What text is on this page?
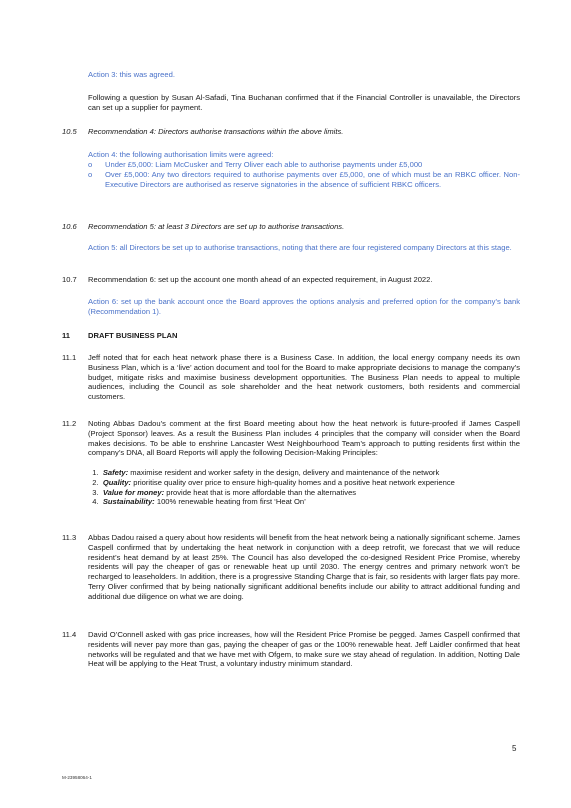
Action 3: this was agreed.

Following a question by Susan Al-Safadi, Tina Buchanan confirmed that if the Financial Controller is unavailable, the Directors can set up a supplier for payment.

10.5 Recommendation 4: Directors authorise transactions within the above limits.

Action 4: the following authorisation limits were agreed:

o Under £5,000: Liam McCusker and Terry Oliver each able to authorise payments under £5,000
o Over £5,000: Any two directors required to authorise payments over £5,000, one of which must be an RBKC officer. Non-Executive Directors are authorised as reserve signatories in the absence of sufficient RBKC officers.
10.6 Recommendation 5: at least 3 Directors are set up to authorise transactions.

Action 5: all Directors be set up to authorise transactions, noting that there are four registered company Directors at this stage.

10.7 Recommendation 6: set up the account one month ahead of an expected requirement, in August 2022.

Action 6: set up the bank account once the Board approves the options analysis and preferred option for the company’s bank (Recommendation 1).

11 DRAFT BUSINESS PLAN

11.1 Jeff noted that for each heat network phase there is a Business Case. In addition, the local energy company needs its own Business Plan, which is a ‘live’ action document and tool for the Board to make appropriate decisions to manage the company’s budget, mitigate risks and maximise business development opportunities. The Business Plan needs to appeal to multiple audiences, including the Council as sole shareholder and the heat network customers, both residents and commercial customers.

11.2 Noting Abbas Dadou’s comment at the first Board meeting about how the heat network is future-proofed if James Caspell (Project Sponsor) leaves. As a result the Business Plan includes 4 principles that the company will consider when the Board makes decisions. To be able to enshrine Lancaster West Neighbourhood Team’s approach to putting residents first within the company’s DNA, all Board Reports will apply the following Decision-Making Principles:

1. Safety: maximise resident and worker safety in the design, delivery and maintenance of the network
2. Quality: prioritise quality over price to ensure high-quality homes and a positive heat network experience
3. Value for money: provide heat that is more affordable than the alternatives
4. Sustainability: 100% renewable heating from first ‘Heat On’
11.3 Abbas Dadou raised a query about how residents will benefit from the heat network being a nationally significant scheme. James Caspell confirmed that by undertaking the heat network in conjunction with a deep retrofit, we forecast that we will reduce resident’s heat demand by at least 25%. The Council has also developed the co-designed Resident Price Promise, whereby residents will pay the cheaper of gas or renewable heat up until 2030. The energy centres and primary network won’t be recharged to leaseholders. In addition, there is a progressive Standing Charge that is fair, so residents with larger flats pay more. Terry Oliver confirmed that by being nationally significant additional benefits include our ability to attract additional funding and additional due diligence on what we are doing.

11.4 David O’Connell asked with gas price increases, how will the Resident Price Promise be pegged. James Caspell confirmed that residents will never pay more than gas, paying the cheaper of gas or the 100% renewable heat. Jeff Laidler confirmed that heat networks will be regulated and that we have met with Ofgem, to make sure we stay ahead of regulation. In addition, Notting Dale Heat will be applying to the Heat Trust, a voluntary industry minimum standard.

5
M-23958064-1
